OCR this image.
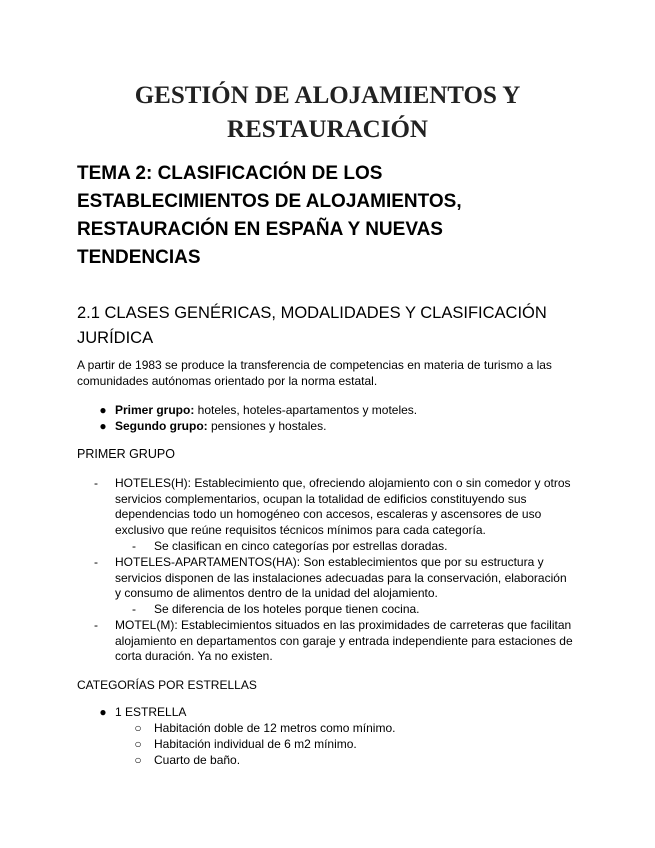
GESTIÓN DE ALOJAMIENTOS Y
RESTAURACIÓN
TEMA 2: CLASIFICACIÓN DE LOS ESTABLECIMIENTOS DE ALOJAMIENTOS, RESTAURACIÓN EN ESPAÑA Y NUEVAS TENDENCIAS
2.1 CLASES GENÉRICAS, MODALIDADES Y CLASIFICACIÓN JURÍDICA
A partir de 1983 se produce la transferencia de competencias en materia de turismo a las comunidades autónomas orientado por la norma estatal.
● Primer grupo: hoteles, hoteles-apartamentos y moteles.
● Segundo grupo: pensiones y hostales.
PRIMER GRUPO
- HOTELES(H): Establecimiento que, ofreciendo alojamiento con o sin comedor y otros servicios complementarios, ocupan la totalidad de edificios constituyendo sus dependencias todo un homogéneo con accesos, escaleras y ascensores de uso exclusivo que reúne requisitos técnicos mínimos para cada categoría.
- Se clasifican en cinco categorías por estrellas doradas.
- HOTELES-APARTAMENTOS(HA): Son establecimientos que por su estructura y servicios disponen de las instalaciones adecuadas para la conservación, elaboración y consumo de alimentos dentro de la unidad del alojamiento.
- Se diferencia de los hoteles porque tienen cocina.
- MOTEL(M): Establecimientos situados en las proximidades de carreteras que facilitan alojamiento en departamentos con garaje y entrada independiente para estaciones de corta duración. Ya no existen.
CATEGORÍAS POR ESTRELLAS
● 1 ESTRELLA
○ Habitación doble de 12 metros como mínimo.
○ Habitación individual de 6 m2 mínimo.
○ Cuarto de baño.
